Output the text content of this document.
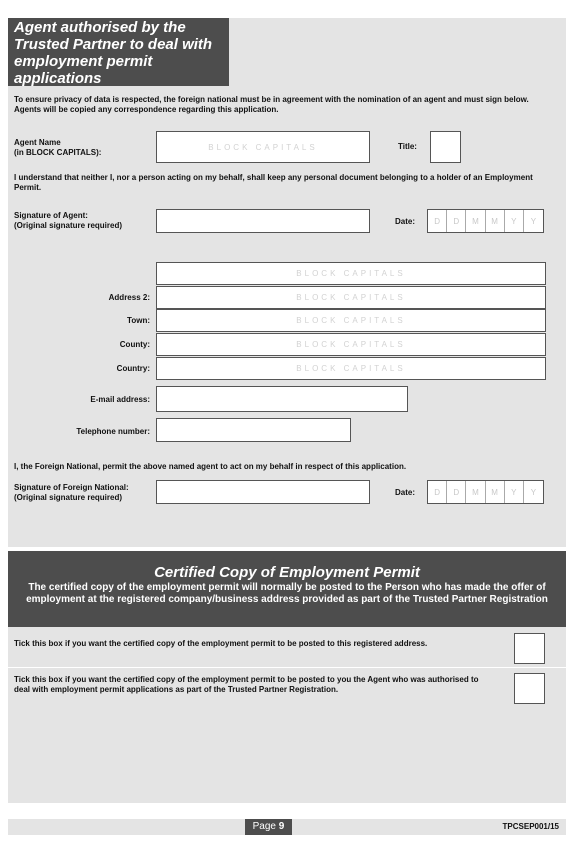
Agent authorised by the Trusted Partner to deal with employment permit applications
To ensure privacy of data is respected, the foreign national must be in agreement with the nomination of an agent and must sign below. Agents will be copied any correspondence regarding this application.
Agent Name
(in BLOCK CAPITALS):
BLOCK CAPITALS	Title:
I understand that neither I, nor a person acting on my behalf, shall keep any personal document belonging to a holder of an Employment Permit.
Signature of Agent:
(Original signature required)	Date:	D	D	M	M	Y	Y
BLOCK CAPITALS
Address 2:	BLOCK CAPITALS
Town:	BLOCK CAPITALS
County:	BLOCK CAPITALS
Country:	BLOCK CAPITALS
E-mail address:
Telephone number:
I, the Foreign National, permit the above named agent to act on my behalf in respect of this application.
Signature of Foreign National:
(Original signature required)
Date:	D	D	M	M	Y	Y
Certified Copy of Employment Permit
The certified copy of the employment permit will normally be posted to the Person who has made the offer of employment at the registered company/business address provided as part of the Trusted Partner Registration
Tick this box if you want the certified copy of the employment permit to be posted to this registered address.
Tick this box if you want the certified copy of the employment permit to be posted to you the Agent who was authorised to deal with employment permit applications as part of the Trusted Partner Registration.
Page 9	TPCSEP001/15
